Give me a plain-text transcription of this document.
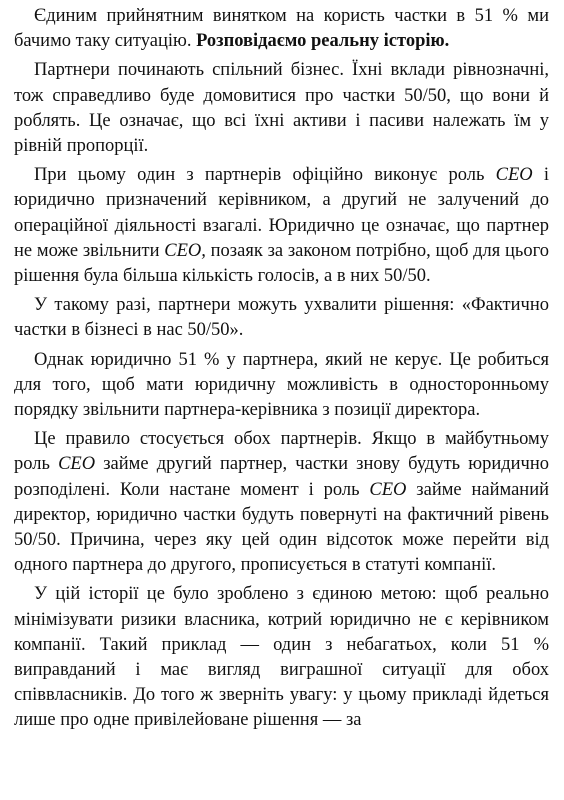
Єдиним прийнятним винятком на користь частки в 51 % ми бачимо таку ситуацію. Розповідаємо реальну історію.

Партнери починають спільний бізнес. Їхні вклади рівнозначні, тож справедливо буде домовитися про частки 50/50, що вони й роблять. Це означає, що всі їхні активи і пасиви належать їм у рівній пропорції.

При цьому один з партнерів офіційно виконує роль CEO і юридично призначений керівником, а другий не залучений до операційної діяльності взагалі. Юридично це означає, що партнер не може звільнити CEO, позаяк за законом потрібно, щоб для цього рішення була більша кількість голосів, а в них 50/50.

У такому разі, партнери можуть ухвалити рішення: «Фактично частки в бізнесі в нас 50/50».

Однак юридично 51 % у партнера, який не керує. Це робиться для того, щоб мати юридичну можливість в односторонньому порядку звільнити партнера-керівника з позиції директора.

Це правило стосується обох партнерів. Якщо в майбутньому роль CEO займе другий партнер, частки знову будуть юридично розподілені. Коли настане момент і роль CEO займе найманий директор, юридично частки будуть повернуті на фактичний рівень 50/50. Причина, через яку цей один відсоток може перейти від одного партнера до другого, прописується в статуті компанії.

У цій історії це було зроблено з єдиною метою: щоб реально мінімізувати ризики власника, котрий юридично не є керівником компанії. Такий приклад — один з небагатьох, коли 51 % виправданий і має вигляд виграшної ситуації для обох співвласників. До того ж зверніть увагу: у цьому прикладі йдеться лише про одне привілейоване рішення — за
